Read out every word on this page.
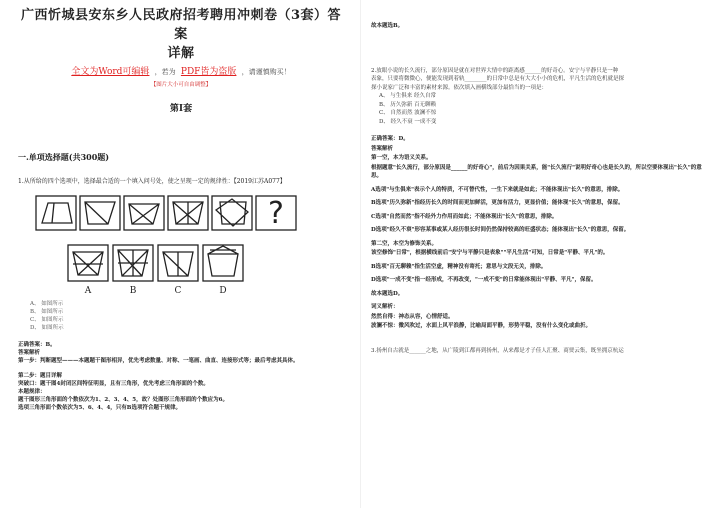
广西忻城县安东乡人民政府招考聘用冲刺卷（3套）答案
详解
全文为Word可编辑 ，若为 PDF皆为盗版 ，请谨慎购买！
【图片大小可自由调整】
第Ⅰ套
一.单项选择题(共300题)
1.从所给的四个选项中，选择最合适的一个填入问号处，使之呈现一定的规律性：【2019江苏A077】
?
A	B	C	D
A、 如图所示
B、 如图所示
C、 如图所示
D、 如图所示

正确答案：B。

答案解析

第一步：判断题型———本题题干图形相异，优先考虑数量、对称、一笔画、曲直、连接形式等；最后考虑其具体。

第二步：题目详解

突破口：题干图4封闭区间特征明显，且有三角形，优先考虑三角形面的个数。

本题规律：

题干图形三角形面的个数依次为1、2、3、4、5，故？处图形三角形面的个数应为6。

选项三角形面个数依次为5、6、4、4，只有B选项符合题干规律。

故本题选B。

2.放眼小说的长久流行，部分原因是就在对世界大情中的距离感______的好奇心。安宁与平静只是一种

表象，只要将微微心，便能发现到着轨________的日常中总是有大大小小的危机，平凡生活的危机就是探

探小说家广泛和丰富的素材来源。依次填入画横线部分最恰当的一项是：

A、 与生俱来 经久自常

B、 历久弥新 百无聊赖

C、 自然而然 波澜不惊

D、 经久不衰 一成不变

正确答案：D。

答案解析

第一空，本为语义关系。

根据题意"长久流行，部分原因是______的好奇心"，前后为因果关系，能"长久流行"说明好奇心也是长久的，所以空要体现出"长久"的意思。

A选项"与生俱来"表示个人的特质，不可替代性，一生下来就是如此；不能体现出"长久"的意思，排除。

B选项"历久弥新"指经历长久的时间而更加鲜活，更加有活力，更显价值；能体现"长久"的意思，保留。

C选项"自然而然"指不经外力作用而如此；不能体现出"长久"的意思，排除。

D选项"经久不衰"形容某事或某人经历很长时间仍然保持较高的旺盛状态；能体现出"长久"的意思，保留。

第二空，本空为修饰关系。

该空修饰"日常"，根据横线前后"安宁与平静只是表象""平凡生活"可知，日常是"平静、平凡"的。

B选项"百无聊赖"指生活空虚，精神没有寄托；意思与文段无关，排除。

D选项"一成不变"指一经形成，不再改变，"一成不变"的日常能体现出"平静、平凡"，保留。

故本题选D。

词义解析：

然然自得：神态从容，心情舒适。

波澜不惊：微风吹过，水面上风平浪静，比喻局面平静，形势平稳，没有什么变化或曲折。

3.扬州自古就是______之地，从广陵到江都再到扬州，从来都是才子佳人汇聚、商贾云集，既坐拥京杭运
